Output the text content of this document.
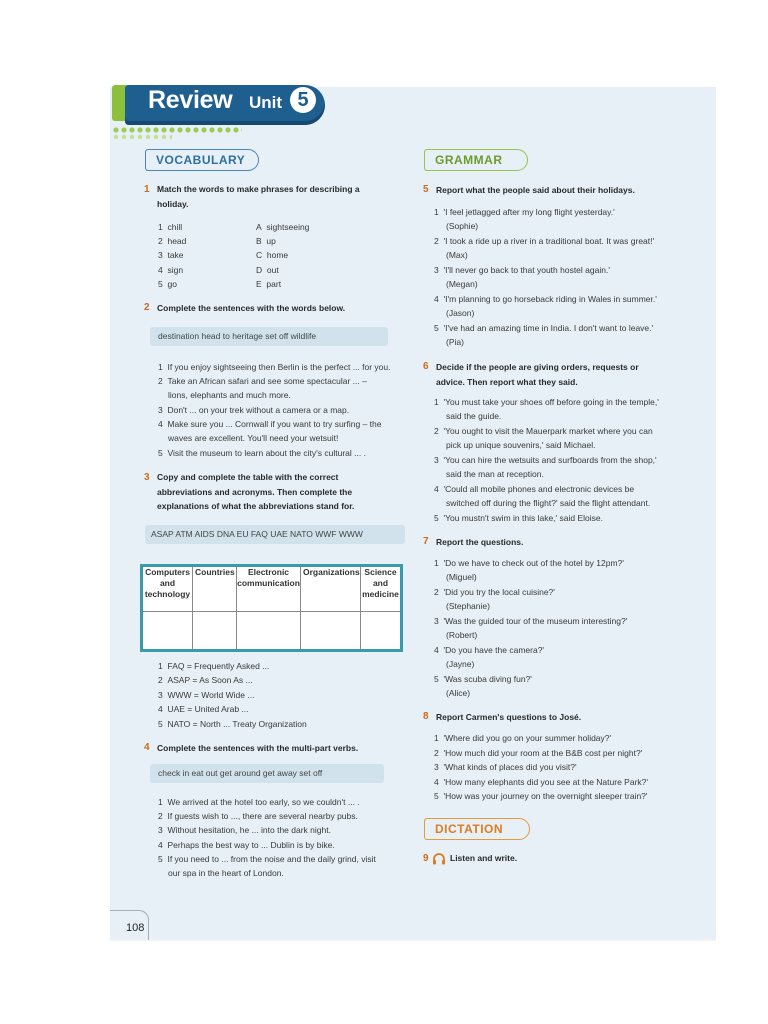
Review Unit 5
VOCABULARY
1 Match the words to make phrases for describing a
holiday.
1 chill
2 head
3 take
4 sign
5 go
A sightseeing
B up
C home
D out
E part
2 Complete the sentences with the words below.
destination head to heritage set off wildlife
1 If you enjoy sightseeing then Berlin is the perfect ... for you.
2 Take an African safari and see some spectacular ... –
lions, elephants and much more.
3 Don't ... on your trek without a camera or a map.
4 Make sure you ... Cornwall if you want to try surfing – the
waves are excellent. You'll need your wetsuit!
5 Visit the museum to learn about the city's cultural ... .
3 Copy and complete the table with the correct
abbreviations and acronyms. Then complete the
explanations of what the abbreviations stand for.
ASAP ATM AIDS DNA EU FAQ UAE NATO WWF WWW
Computers and technology
Countries	Electronic communication
Organizations Science and medicine
1 FAQ = Frequently Asked ...
2 ASAP = As Soon As ...
3 WWW = World Wide ...
4 UAE = United Arab ...
5 NATO = North ... Treaty Organization
4 Complete the sentences with the multi-part verbs.
check in eat out get around get away set off
1 We arrived at the hotel too early, so we couldn't ... .
2 If guests wish to ..., there are several nearby pubs.
3 Without hesitation, he ... into the dark night.
4 Perhaps the best way to ... Dublin is by bike.
5 If you need to ... from the noise and the daily grind, visit
our spa in the heart of London.
GRAMMAR
5 Report what the people said about their holidays.
1 'I feel jetlagged after my long flight yesterday.'
(Sophie)
2 'I took a ride up a river in a traditional boat. It was great!'
(Max)
3 'I'll never go back to that youth hostel again.'
(Megan)
4 'I'm planning to go horseback riding in Wales in summer.'
(Jason)
5 'I've had an amazing time in India. I don't want to leave.'
(Pia)
6 Decide if the people are giving orders, requests or
advice. Then report what they said.
1 'You must take your shoes off before going in the temple,'
said the guide.
2 'You ought to visit the Mauerpark market where you can
pick up unique souvenirs,' said Michael.
3 'You can hire the wetsuits and surfboards from the shop,'
said the man at reception.
4 'Could all mobile phones and electronic devices be
switched off during the flight?' said the flight attendant.
5 'You mustn't swim in this lake,' said Eloise.
7 Report the questions.
1 'Do we have to check out of the hotel by 12pm?'
(Miguel)
2 'Did you try the local cuisine?'
(Stephanie)
3 'Was the guided tour of the museum interesting?'
(Robert)
4 'Do you have the camera?'
(Jayne)
5 'Was scuba diving fun?'
(Alice)
8 Report Carmen's questions to José.
1 'Where did you go on your summer holiday?'
2 'How much did your room at the B&B cost per night?'
3 'What kinds of places did you visit?'
4 'How many elephants did you see at the Nature Park?'
5 'How was your journey on the overnight sleeper train?'
DICTATION
9	Listen and write.
108
